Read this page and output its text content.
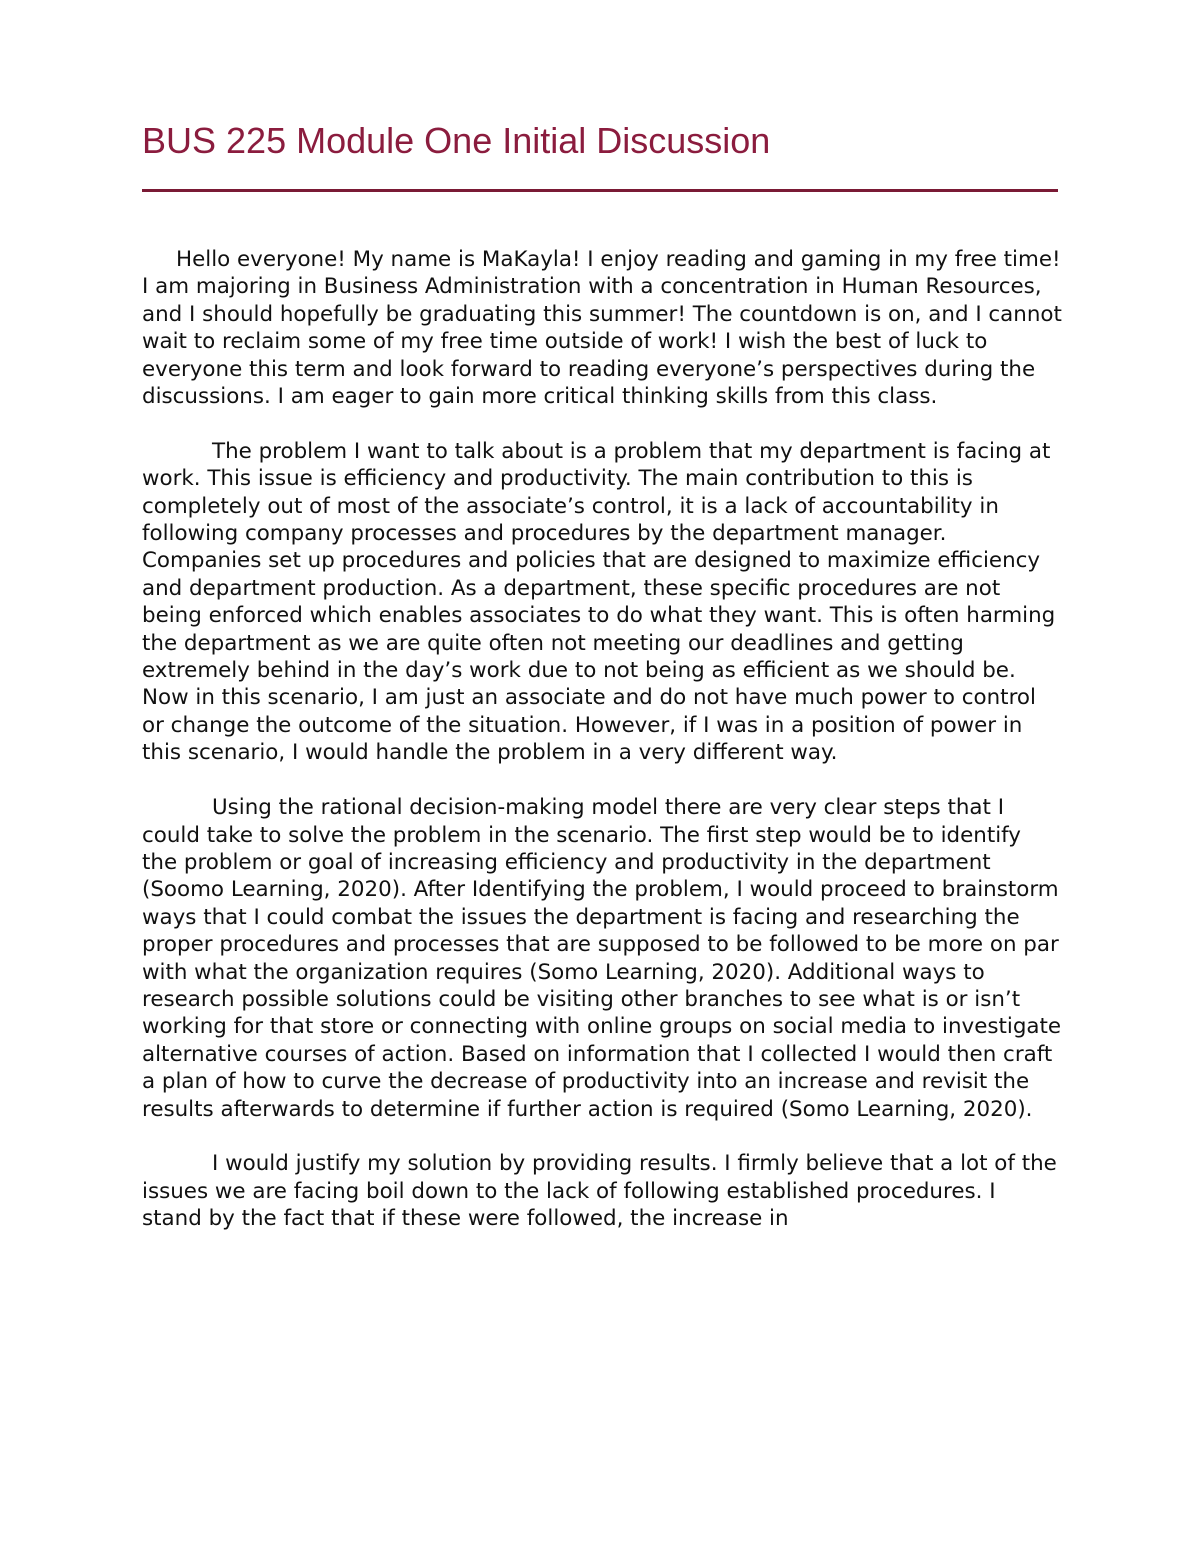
BUS 225 Module One Initial Discussion

Hello everyone! My name is MaKayla! I enjoy reading and gaming in my free time! I am majoring in Business Administration with a concentration in Human Resources, and I should hopefully be graduating this summer! The countdown is on, and I cannot wait to reclaim some of my free time outside of work! I wish the best of luck to everyone this term and look forward to reading everyone’s perspectives during the discussions. I am eager to gain more critical thinking skills from this class.

The problem I want to talk about is a problem that my department is facing at work. This issue is efficiency and productivity. The main contribution to this is completely out of most of the associate’s control, it is a lack of accountability in following company processes and procedures by the department manager. Companies set up procedures and policies that are designed to maximize efficiency and department production. As a department, these specific procedures are not being enforced which enables associates to do what they want. This is often harming the department as we are quite often not meeting our deadlines and getting extremely behind in the day’s work due to not being as efficient as we should be. Now in this scenario, I am just an associate and do not have much power to control or change the outcome of the situation. However, if I was in a position of power in this scenario, I would handle the problem in a very different way.

Using the rational decision-making model there are very clear steps that I could take to solve the problem in the scenario. The first step would be to identify the problem or goal of increasing efficiency and productivity in the department (Soomo Learning, 2020). After Identifying the problem, I would proceed to brainstorm ways that I could combat the issues the department is facing and researching the proper procedures and processes that are supposed to be followed to be more on par with what the organization requires (Somo Learning, 2020). Additional ways to research possible solutions could be visiting other branches to see what is or isn’t working for that store or connecting with online groups on social media to investigate alternative courses of action. Based on information that I collected I would then craft a plan of how to curve the decrease of productivity into an increase and revisit the results afterwards to determine if further action is required (Somo Learning, 2020).

I would justify my solution by providing results. I firmly believe that a lot of the issues we are facing boil down to the lack of following established procedures. I stand by the fact that if these were followed, the increase in
